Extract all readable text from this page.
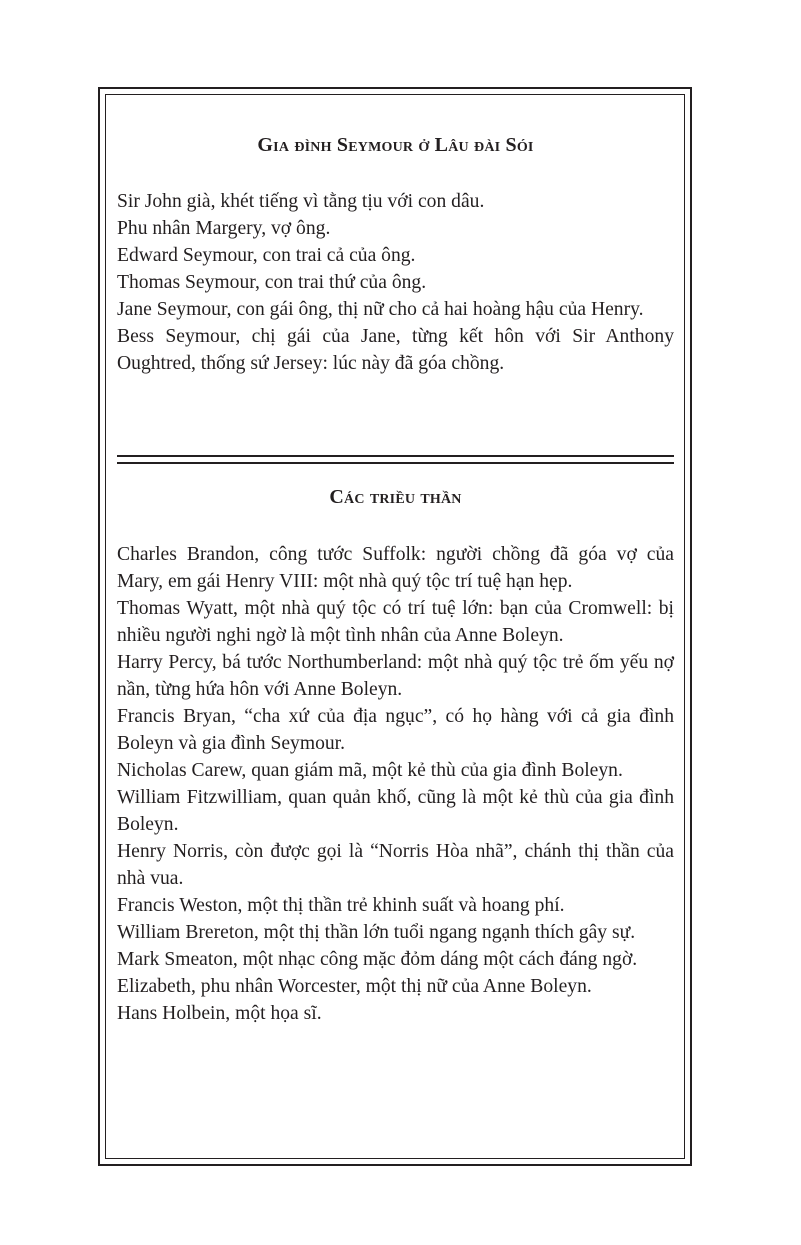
Gia đình Seymour ở Lâu đài Sói

Sir John già, khét tiếng vì tằng tịu với con dâu.

Phu nhân Margery, vợ ông.

Edward Seymour, con trai cả của ông.

Thomas Seymour, con trai thứ của ông.

Jane Seymour, con gái ông, thị nữ cho cả hai hoàng hậu của Henry.

Bess Seymour, chị gái của Jane, từng kết hôn với Sir Anthony Oughtred, thống sứ Jersey: lúc này đã góa chồng.

Các triều thần

Charles Brandon, công tước Suffolk: người chồng đã góa vợ của Mary, em gái Henry VIII: một nhà quý tộc trí tuệ hạn hẹp.

Thomas Wyatt, một nhà quý tộc có trí tuệ lớn: bạn của Cromwell: bị nhiều người nghi ngờ là một tình nhân của Anne Boleyn.

Harry Percy, bá tước Northumberland: một nhà quý tộc trẻ ốm yếu nợ nần, từng hứa hôn với Anne Boleyn.

Francis Bryan, “cha xứ của địa ngục”, có họ hàng với cả gia đình Boleyn và gia đình Seymour.

Nicholas Carew, quan giám mã, một kẻ thù của gia đình Boleyn.

William Fitzwilliam, quan quản khố, cũng là một kẻ thù của gia đình Boleyn.

Henry Norris, còn được gọi là “Norris Hòa nhã”, chánh thị thần của nhà vua.

Francis Weston, một thị thần trẻ khinh suất và hoang phí.

William Brereton, một thị thần lớn tuổi ngang ngạnh thích gây sự.

Mark Smeaton, một nhạc công mặc đỏm dáng một cách đáng ngờ.

Elizabeth, phu nhân Worcester, một thị nữ của Anne Boleyn.

Hans Holbein, một họa sĩ.
